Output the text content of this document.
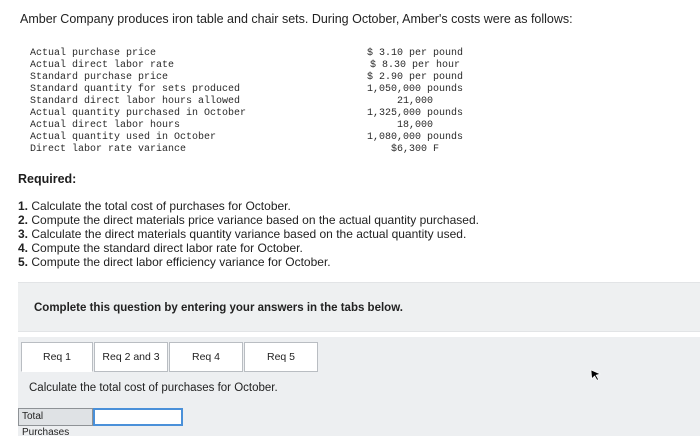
Amber Company produces iron table and chair sets. During October, Amber's costs were as follows:
Actual purchase price	$ 3.10 per pound
Actual direct labor rate	$ 8.30 per hour
Standard purchase price	$ 2.90 per pound
Standard quantity for sets produced	1,050,000 pounds
Standard direct labor hours allowed	21,000
Actual quantity purchased in October	1,325,000 pounds
Actual direct labor hours	18,000
Actual quantity used in October	1,080,000 pounds
Direct labor rate variance	$6,300 F
Required:
1. Calculate the total cost of purchases for October.
2. Compute the direct materials price variance based on the actual quantity purchased.
3. Calculate the direct materials quantity variance based on the actual quantity used.
4. Compute the standard direct labor rate for October.
5. Compute the direct labor efficiency variance for October.
Complete this question by entering your answers in the tabs below.
Req 1	Req 2 and 3	Req 4	Req 5
Calculate the total cost of purchases for October.
Total Purchases
